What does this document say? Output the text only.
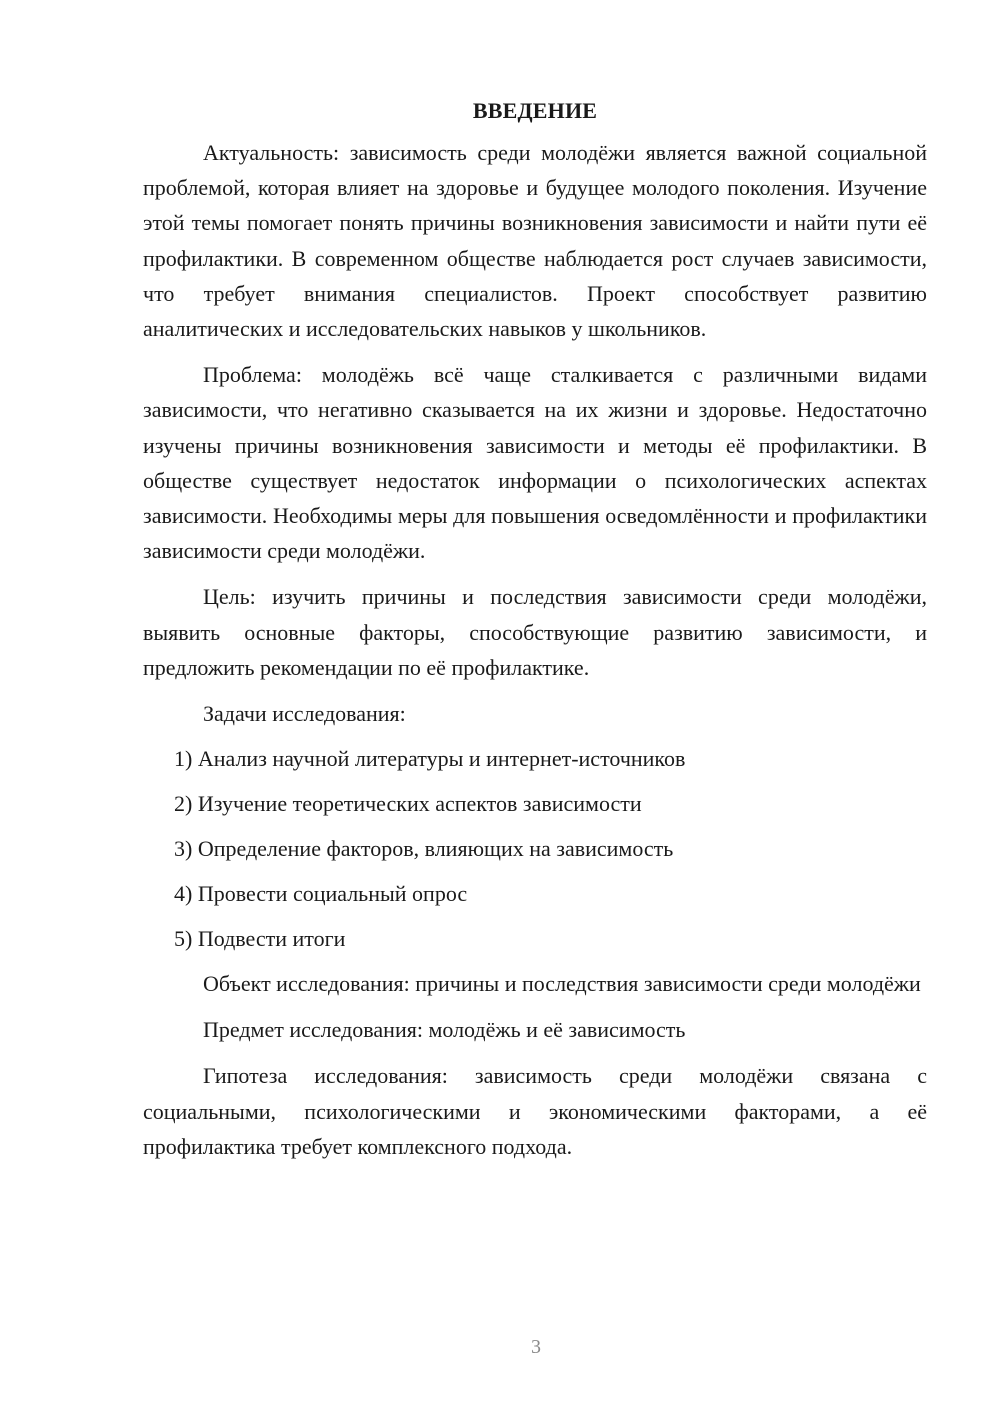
ВВЕДЕНИЕ

Актуальность: зависимость среди молодёжи является важной социальной проблемой, которая влияет на здоровье и будущее молодого поколения. Изучение этой темы помогает понять причины возникновения зависимости и найти пути её профилактики. В современном обществе наблюдается рост случаев зависимости, что требует внимания специалистов. Проект способствует развитию аналитических и исследовательских навыков у школьников.

Проблема: молодёжь всё чаще сталкивается с различными видами зависимости, что негативно сказывается на их жизни и здоровье. Недостаточно изучены причины возникновения зависимости и методы её профилактики. В обществе существует недостаток информации о психологических аспектах зависимости. Необходимы меры для повышения осведомлённости и профилактики зависимости среди молодёжи.

Цель: изучить причины и последствия зависимости среди молодёжи, выявить основные факторы, способствующие развитию зависимости, и предложить рекомендации по её профилактике.

Задачи исследования:
1) Анализ научной литературы и интернет-источников
2) Изучение теоретических аспектов зависимости
3) Определение факторов, влияющих на зависимость
4) Провести социальный опрос
5) Подвести итоги

Объект исследования: причины и последствия зависимости среди молодёжи

Предмет исследования: молодёжь и её зависимость

Гипотеза исследования: зависимость среди молодёжи связана с социальными, психологическими и экономическими факторами, а её профилактика требует комплексного подхода.

3
